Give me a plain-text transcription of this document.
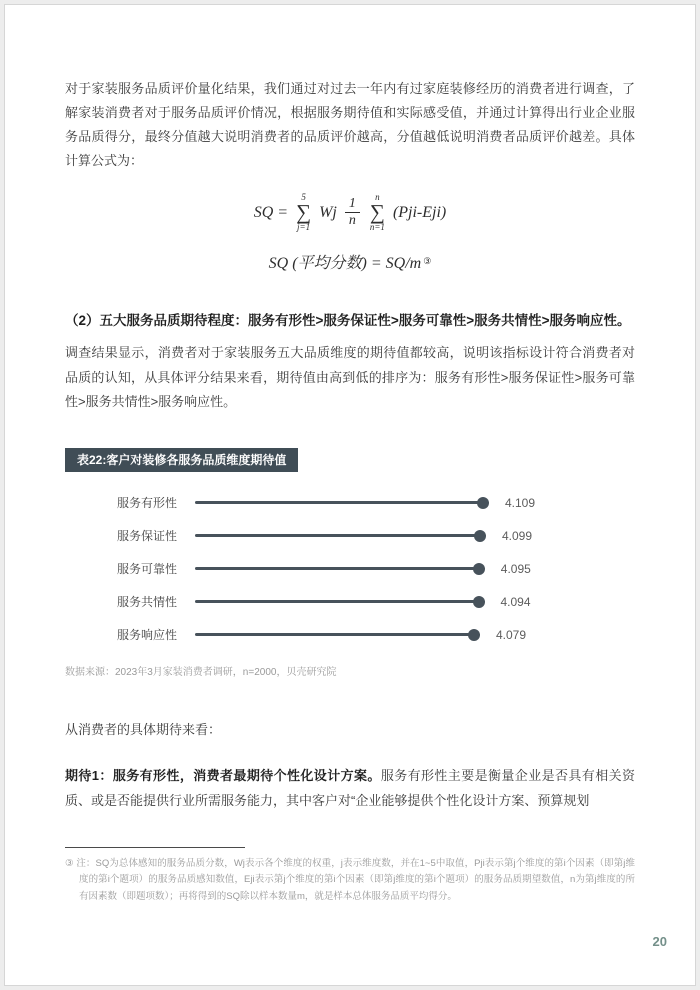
对于家装服务品质评价量化结果，我们通过对过去一年内有过家庭装修经历的消费者进行调查，了解家装消费者对于服务品质评价情况，根据服务期待值和实际感受值，并通过计算得出行业企业服务品质得分，最终分值越大说明消费者的品质评价越高，分值越低说明消费者品质评价越差。具体计算公式为：

SQ =
5
∑
j=1
Wj $\frac{1}{n}$ n
∑
n=1
(Pji-Eji)
SQ (平均分数) = SQ/m ③

（2）五大服务品质期待程度：服务有形性>服务保证性>服务可靠性>服务共情性>服务响应性。

调查结果显示，消费者对于家装服务五大品质维度的期待值都较高，说明该指标设计符合消费者对品质的认知，从具体评分结果来看，期待值由高到低的排序为：服务有形性>服务保证性>服务可靠性>服务共情性>服务响应性。

表22:客户对装修各服务品质维度期待值
服务有形性	4.109
服务保证性	4.099
服务可靠性	4.095
服务共情性	4.094
服务响应性	4.079

数据来源：2023年3月家装消费者调研，n=2000，贝壳研究院

从消费者的具体期待来看：

期待1：服务有形性，消费者最期待个性化设计方案。服务有形性主要是衡量企业是否具有相关资质、或是否能提供行业所需服务能力，其中客户对“企业能够提供个性化设计方案、预算规划

③ 注：SQ为总体感知的服务品质分数，Wj表示各个维度的权重，j表示维度数，并在1~5中取值，Pji表示第j个维度的第i个因素（即第j维度的第i个题项）的服务品质感知数值，Eji表示第j个维度的第i个因素（即第j维度的第i个题项）的服务品质期望数值，n为第j维度的所有因素数（即题项数）；再将得到的SQ除以样本数量m，就是样本总体服务品质平均得分。

20
